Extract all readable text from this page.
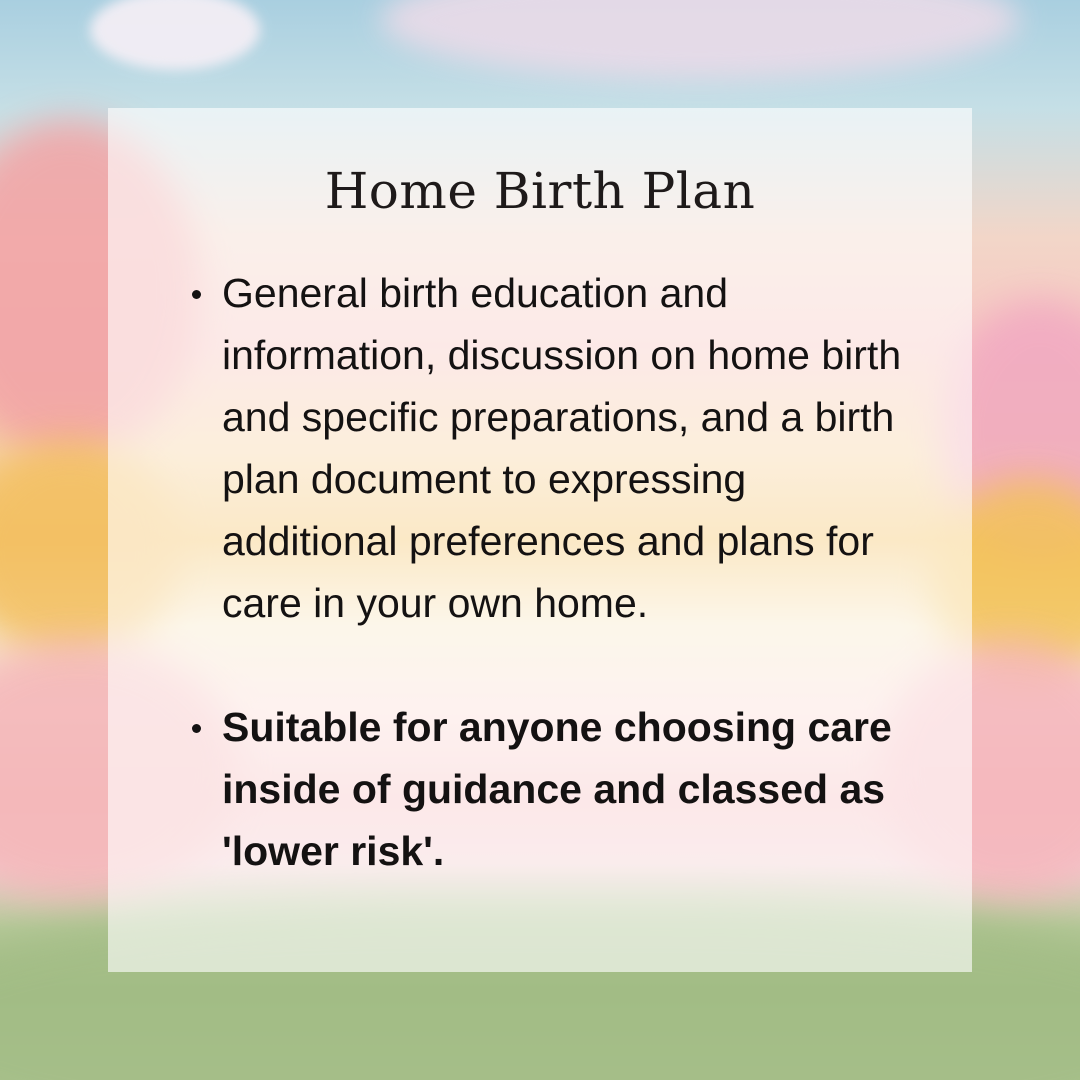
Home Birth Plan
General birth education and information, discussion on home birth and specific preparations, and a birth plan document to expressing additional preferences and plans for care in your own home.
Suitable for anyone choosing care inside of guidance and classed as 'lower risk'.
